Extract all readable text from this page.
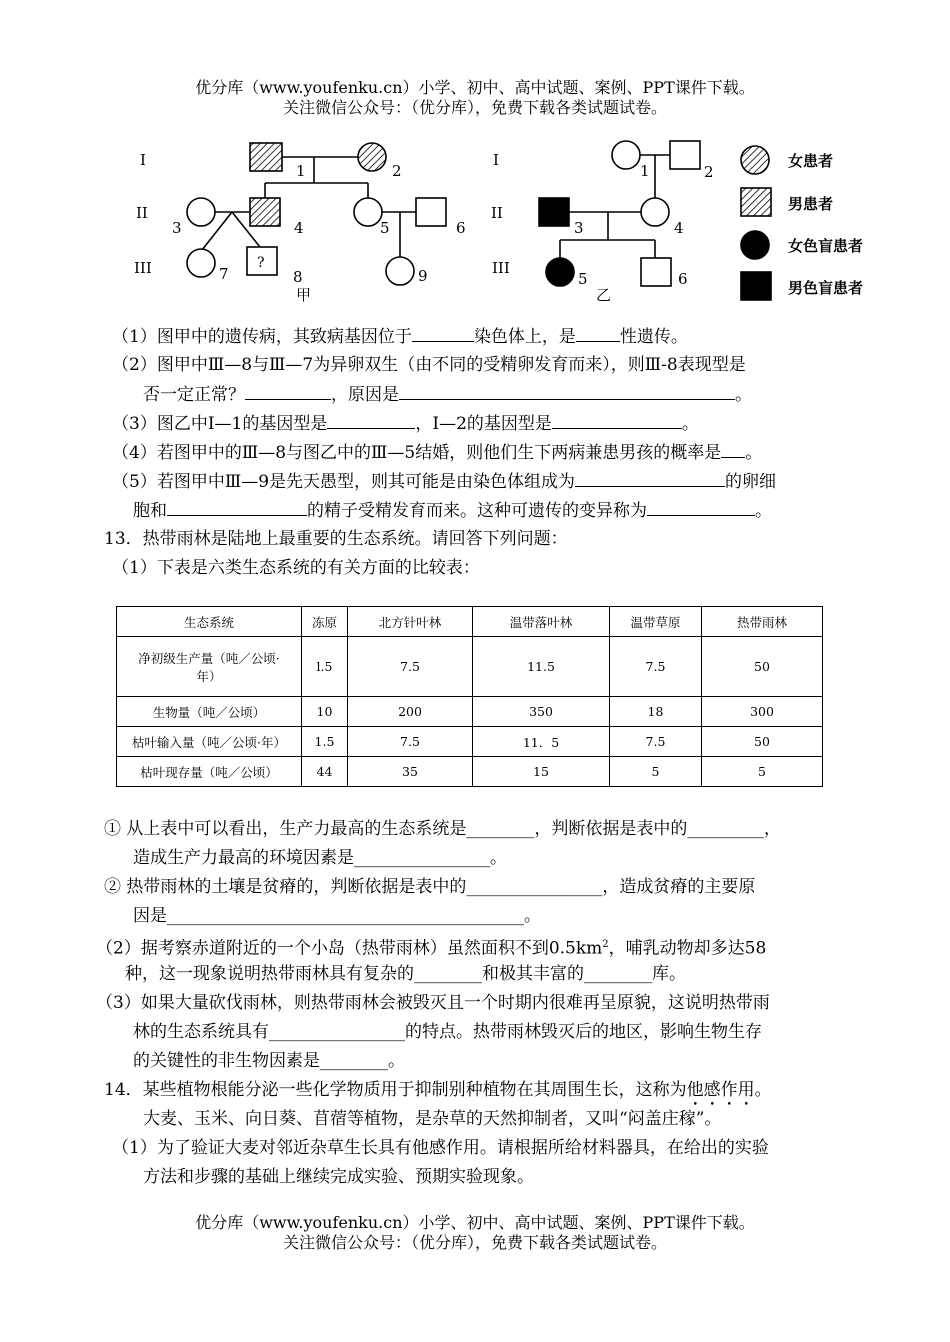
优分库（www.youfenku.cn）小学、初中、高中试题、案例、PPT课件下载。
关注微信公众号：（优分库），免费下载各类试题试卷。
I
II
III	?
1	2
3	4	5	6
7	8	9
甲
I
II
III
1	2
3	4
5	6
乙
女患者
男患者
女色盲患者
男色盲患者
（1）图甲中的遗传病，其致病基因位于	染色体上，是	性遗传。
（2）图甲中Ⅲ—8与Ⅲ—7为异卵双生（由不同的受精卵发育而来），则Ⅲ-8表现型是
否一定正常？	，原因是	。
（3）图乙中Ⅰ—1的基因型是	，Ⅰ—2的基因型是	。
（4）若图甲中的Ⅲ—8与图乙中的Ⅲ—5结婚，则他们生下两病兼患男孩的概率是 。
（5）若图甲中Ⅲ—9是先天愚型，则其可能是由染色体组成为	的卵细
胞和	的精子受精发育而来。这种可遗传的变异称为	。
13．热带雨林是陆地上最重要的生态系统。请回答下列问题：
（1）下表是六类生态系统的有关方面的比较表：
生态系统	冻原	北方针叶林	温带落叶林	温带草原	热带雨林

净初级生产量（吨／公顷·
年）	l.5	7.5	11.5	7.5	50
生物量（吨／公顷）	10	200	350	18	300
枯叶输入量（吨／公顷·年）	1.5	7.5	11．5	7.5	50
枯叶现存量（吨／公顷）	44	35	15	5	5
① 从上表中可以看出，生产力最高的生态系统是________，判断依据是表中的_________，
造成生产力最高的环境因素是________________。
② 热带雨林的土壤是贫瘠的，判断依据是表中的________________，造成贫瘠的主要原
因是__________________________________________。
（2）据考察赤道附近的一个小岛（热带雨林）虽然面积不到$0.5km^2$，哺乳动物却多达58
种，这一现象说明热带雨林具有复杂的________和极其丰富的________库。
（3）如果大量砍伐雨林，则热带雨林会被毁灭且一个时期内很难再呈原貌，这说明热带雨
林的生态系统具有________________的特点。热带雨林毁灭后的地区，影响生物生存
的关键性的非生物因素是________。
14．某些植物根能分泌一些化学物质用于抑制别种植物在其周围生长，这称为他感作用。
大麦、玉米、向日葵、苜蓿等植物，是杂草的天然抑制者，又叫“闷盖庄稼”。
（1）为了验证大麦对邻近杂草生长具有他感作用。请根据所给材料器具，在给出的实验
方法和步骤的基础上继续完成实验、预期实验现象。
优分库（www.youfenku.cn）小学、初中、高中试题、案例、PPT课件下载。
关注微信公众号：（优分库），免费下载各类试题试卷。
